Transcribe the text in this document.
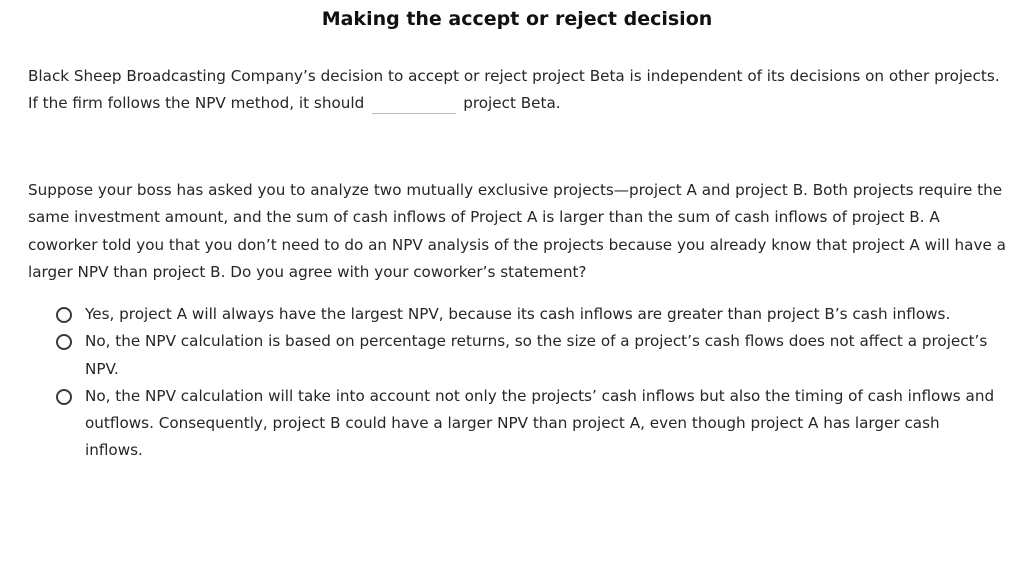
Making the accept or reject decision
Black Sheep Broadcasting Company’s decision to accept or reject project Beta is independent of its decisions on other projects. If the firm follows the NPV method, it should	project Beta.
Suppose your boss has asked you to analyze two mutually exclusive projects—project A and project B. Both projects require the same investment amount, and the sum of cash inflows of Project A is larger than the sum of cash inflows of project B. A coworker told you that you don’t need to do an NPV analysis of the projects because you already know that project A will have a larger NPV than project B. Do you agree with your coworker’s statement?
Yes, project A will always have the largest NPV, because its cash inflows are greater than project B’s cash inflows.
No, the NPV calculation is based on percentage returns, so the size of a project’s cash flows does not affect a project’s NPV.
No, the NPV calculation will take into account not only the projects’ cash inflows but also the timing of cash inflows and outflows. Consequently, project B could have a larger NPV than project A, even though project A has larger cash inflows.
